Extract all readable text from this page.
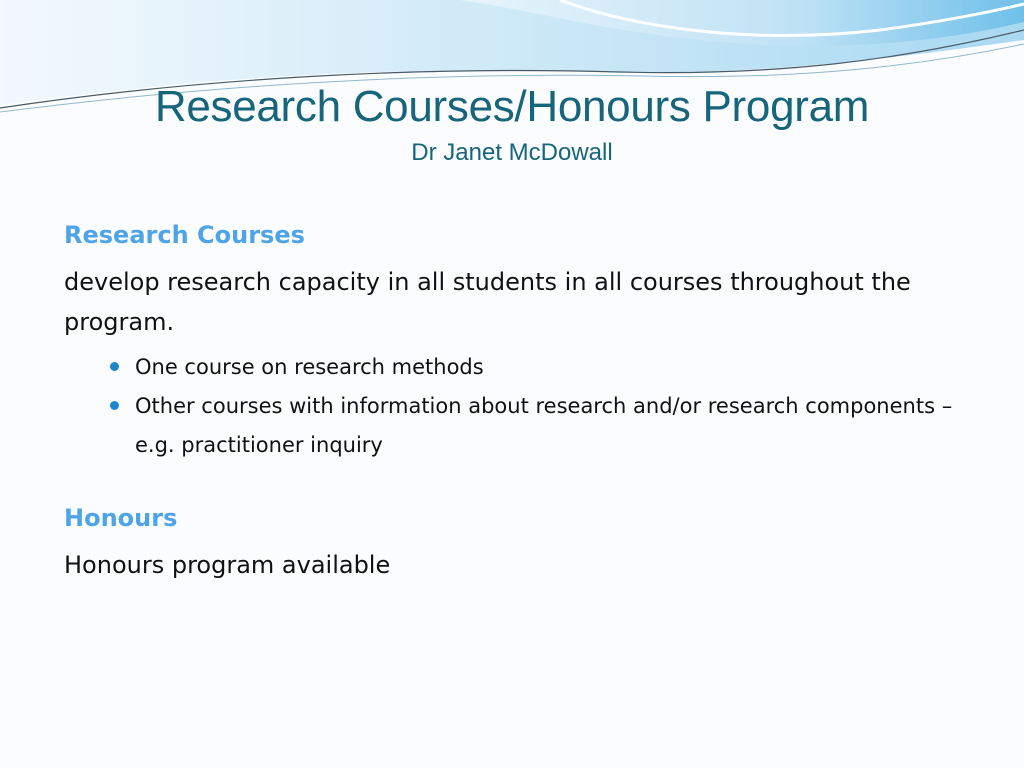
Research Courses/Honours Program
Dr Janet McDowall
Research Courses
develop research capacity in all students in all courses throughout the program.
One course on research methods
Other courses with information about research and/or research components – e.g. practitioner inquiry
Honours
Honours program available
